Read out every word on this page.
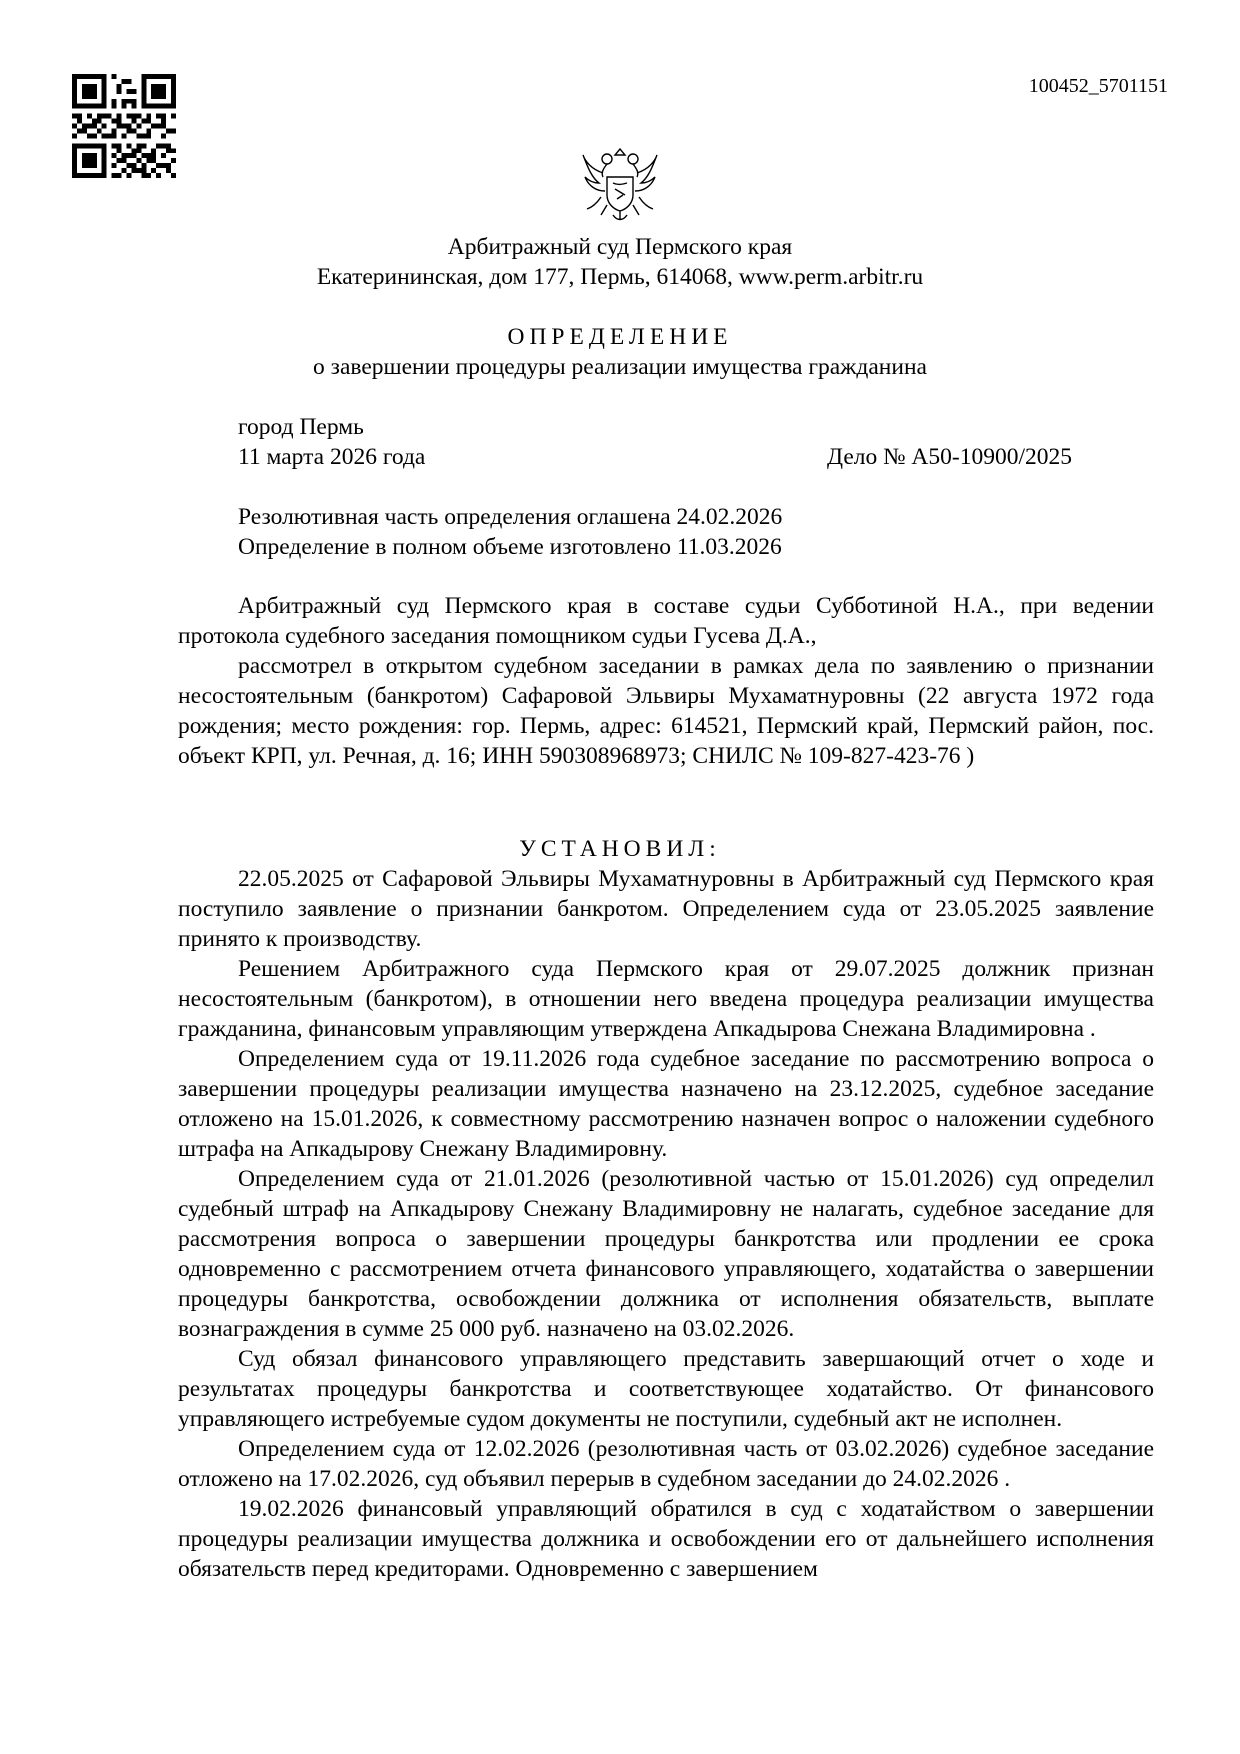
100452_5701151
Арбитражный суд Пермского края
Екатерининская, дом 177, Пермь, 614068, www.perm.arbitr.ru
ОПРЕДЕЛЕНИЕ
о завершении процедуры реализации имущества гражданина
город Пермь
11 марта 2026 года	Дело № А50-10900/2025
Резолютивная часть определения оглашена 24.02.2026
Определение в полном объеме изготовлено 11.03.2026

Арбитражный суд Пермского края в составе судьи Субботиной Н.А., при ведении протокола судебного заседания помощником судьи Гусева Д.А.,

рассмотрел в открытом судебном заседании в рамках дела по заявлению о признании несостоятельным (банкротом) Сафаровой Эльвиры Мухаматнуровны (22 августа 1972 года рождения; место рождения: гор. Пермь, адрес: 614521, Пермский край, Пермский район, пос. объект КРП, ул. Речная, д. 16; ИНН 590308968973; СНИЛС № 109-827-423-76 )

УСТАНОВИЛ:

22.05.2025 от Сафаровой Эльвиры Мухаматнуровны в Арбитражный суд Пермского края поступило заявление о признании банкротом. Определением суда от 23.05.2025 заявление принято к производству.

Решением Арбитражного суда Пермского края от 29.07.2025 должник признан несостоятельным (банкротом), в отношении него введена процедура реализации имущества гражданина, финансовым управляющим утверждена Апкадырова Снежана Владимировна .

Определением суда от 19.11.2026 года судебное заседание по рассмотрению вопроса о завершении процедуры реализации имущества назначено на 23.12.2025, судебное заседание отложено на 15.01.2026, к совместному рассмотрению назначен вопрос о наложении судебного штрафа на Апкадырову Снежану Владимировну.

Определением суда от 21.01.2026 (резолютивной частью от 15.01.2026) суд определил судебный штраф на Апкадырову Снежану Владимировну не налагать, судебное заседание для рассмотрения вопроса о завершении процедуры банкротства или продлении ее срока одновременно с рассмотрением отчета финансового управляющего, ходатайства о завершении процедуры банкротства, освобождении должника от исполнения обязательств, выплате вознаграждения в сумме 25 000 руб. назначено на 03.02.2026.

Суд обязал финансового управляющего представить завершающий отчет о ходе и результатах процедуры банкротства и соответствующее ходатайство. От финансового управляющего истребуемые судом документы не поступили, судебный акт не исполнен.

Определением суда от 12.02.2026 (резолютивная часть от 03.02.2026) судебное заседание отложено на 17.02.2026, суд объявил перерыв в судебном заседании до 24.02.2026 .

19.02.2026 финансовый управляющий обратился в суд с ходатайством о завершении процедуры реализации имущества должника и освобождении его от дальнейшего исполнения обязательств перед кредиторами. Одновременно с завершением
